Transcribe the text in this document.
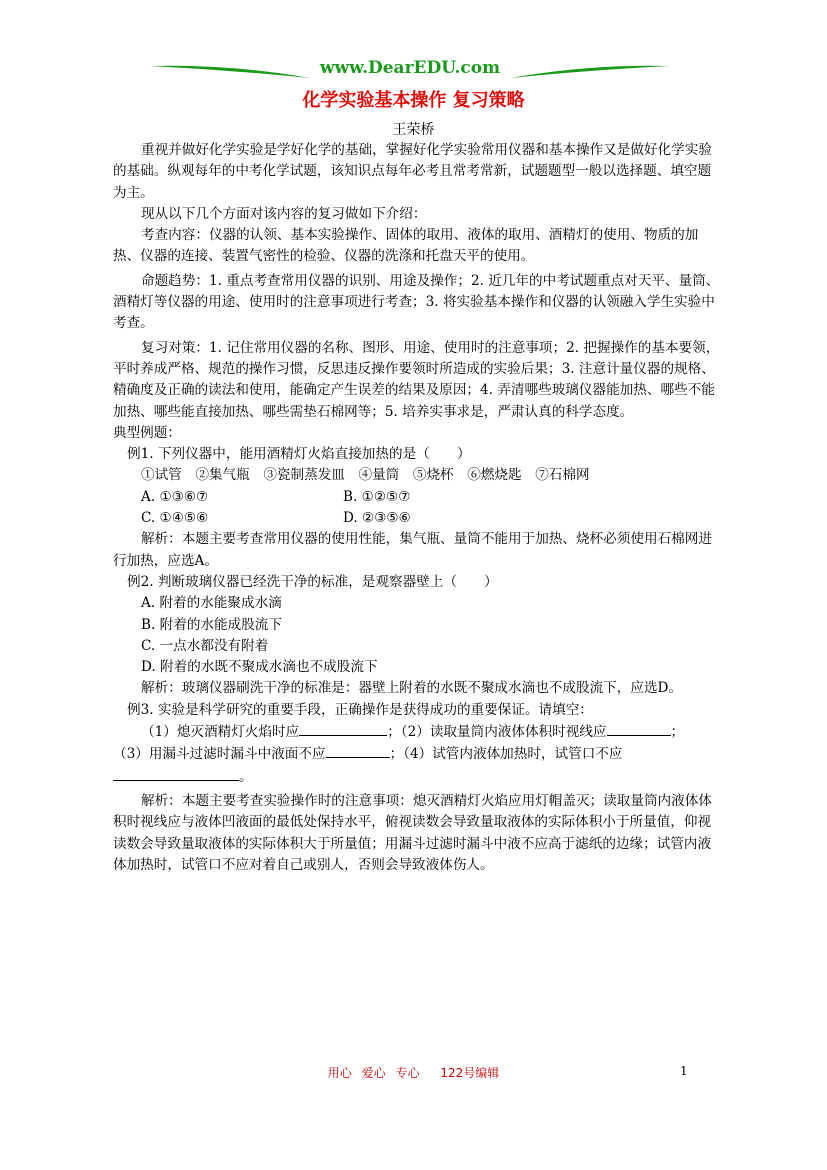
www.DearEDU.com
化学实验基本操作 复习策略
王荣桥

重视并做好化学实验是学好化学的基础，掌握好化学实验常用仪器和基本操作又是做好化学实验的基础。纵观每年的中考化学试题，该知识点每年必考且常考常新，试题题型一般以选择题、填空题为主。

现从以下几个方面对该内容的复习做如下介绍：

考查内容：仪器的认领、基本实验操作、固体的取用、液体的取用、酒精灯的使用、物质的加热、仪器的连接、装置气密性的检验、仪器的洗涤和托盘天平的使用。

命题趋势：1. 重点考查常用仪器的识别、用途及操作；2. 近几年的中考试题重点对天平、量筒、酒精灯等仪器的用途、使用时的注意事项进行考查；3. 将实验基本操作和仪器的认领融入学生实验中考查。

复习对策：1. 记住常用仪器的名称、图形、用途、使用时的注意事项；2. 把握操作的基本要领，平时养成严格、规范的操作习惯，反思违反操作要领时所造成的实验后果；3. 注意计量仪器的规格、精确度及正确的读法和使用，能确定产生误差的结果及原因；4. 弄清哪些玻璃仪器能加热、哪些不能加热、哪些能直接加热、哪些需垫石棉网等；5. 培养实事求是，严肃认真的科学态度。

典型例题：

例1. 下列仪器中，能用酒精灯火焰直接加热的是（　　）

①试管　②集气瓶　③瓷制蒸发皿　④量筒　⑤烧杯　⑥燃烧匙　⑦石棉网

A. ①③⑥⑦	B. ①②⑤⑦
C. ①④⑤⑥	D. ②③⑤⑥

解析：本题主要考查常用仪器的使用性能，集气瓶、量筒不能用于加热、烧杯必须使用石棉网进行加热，应选A。

例2. 判断玻璃仪器已经洗干净的标准，是观察器壁上（　　）

A. 附着的水能聚成水滴

B. 附着的水能成股流下

C. 一点水都没有附着

D. 附着的水既不聚成水滴也不成股流下

解析：玻璃仪器刷洗干净的标准是：器壁上附着的水既不聚成水滴也不成股流下，应选D。

例3. 实验是科学研究的重要手段，正确操作是获得成功的重要保证。请填空：

（1）熄灭酒精灯火焰时应	；（2）读取量筒内液体体积时视线应	；

（3）用漏斗过滤时漏斗中液面不应	；（4）试管内液体加热时，试管口不应

。

解析：本题主要考查实验操作时的注意事项：熄灭酒精灯火焰应用灯帽盖灭；读取量筒内液体体积时视线应与液体凹液面的最低处保持水平，俯视读数会导致量取液体的实际体积小于所量值，仰视读数会导致量取液体的实际体积大于所量值；用漏斗过滤时漏斗中液不应高于滤纸的边缘；试管内液体加热时，试管口不应对着自己或别人，否则会导致液体伤人。

用心 爱心 专心 122号编辑	1
